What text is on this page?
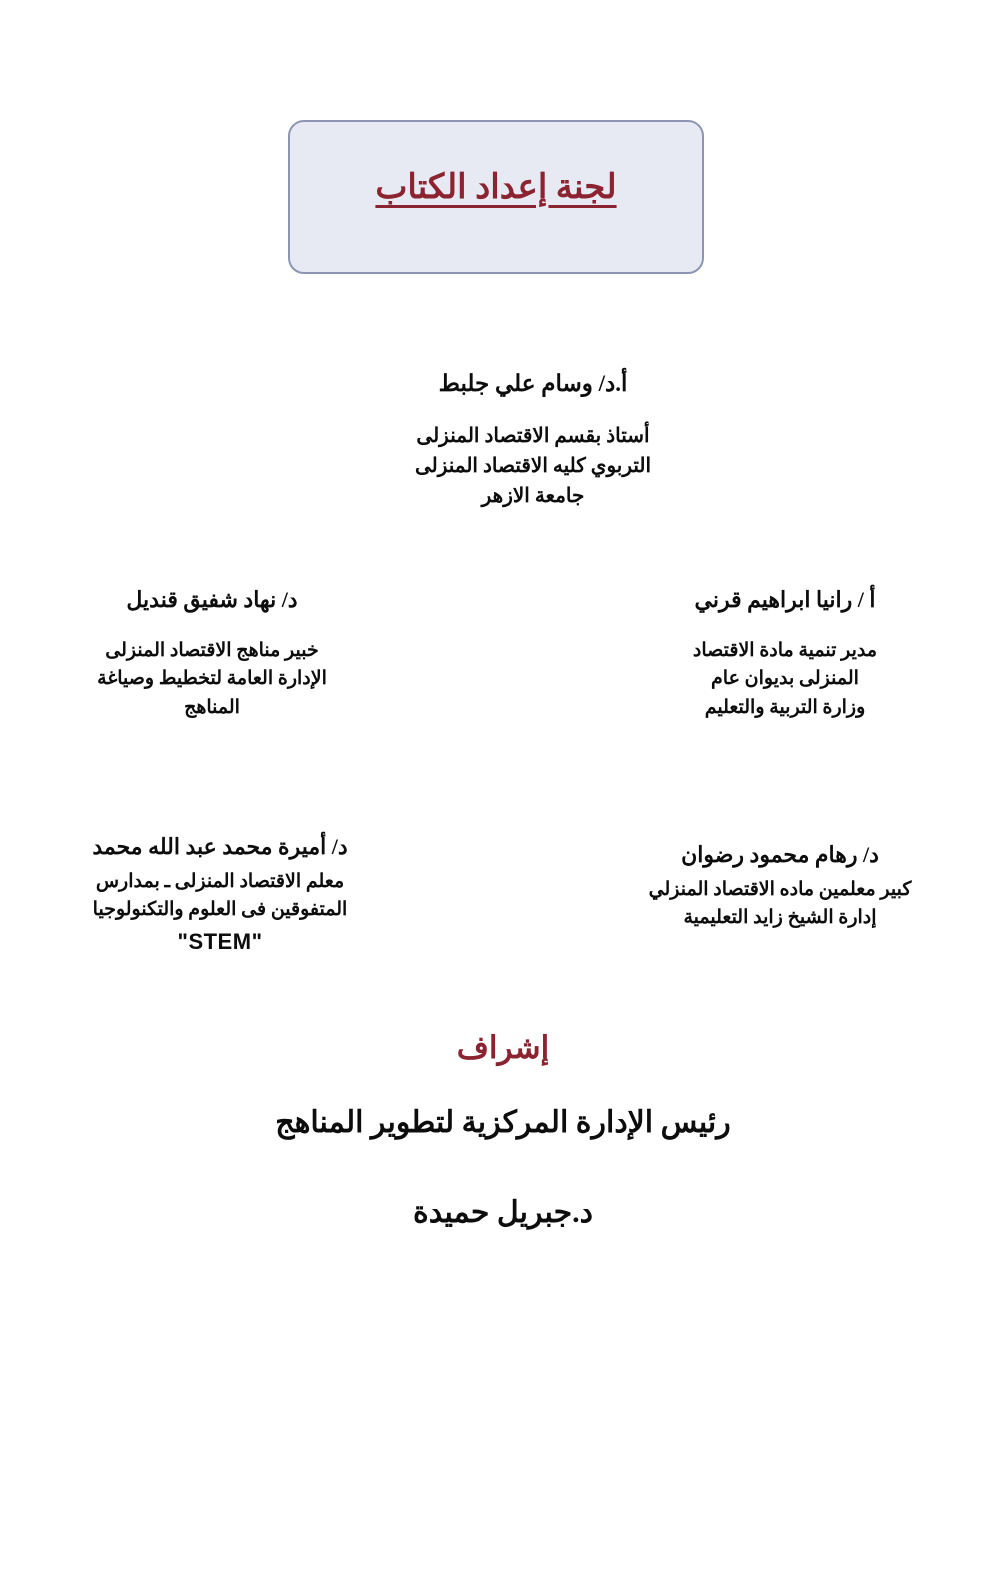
لجنة إعداد الكتاب
أ.د/ وسام علي جلبط
أستاذ بقسم الاقتصاد المنزلى
التربوي كليه الاقتصاد المنزلى
جامعة الازهر
أ / رانيا ابراهيم قرني
مدير تنمية مادة الاقتصاد
المنزلى بديوان عام
وزارة التربية والتعليم
د/ نهاد شفيق قنديل
خبير مناهج الاقتصاد المنزلى
الإدارة العامة لتخطيط وصياغة
المناهج
د/ رهام محمود رضوان
كبير معلمين ماده الاقتصاد المنزلي
إدارة الشيخ زايد التعليمية
د/ أميرة محمد عبد الله محمد
معلم الاقتصاد المنزلى ـ بمدارس
المتفوقين فى العلوم والتكنولوجيا
"STEM"
إشراف
رئيس الإدارة المركزية لتطوير المناهج
د.جبريل حميدة
